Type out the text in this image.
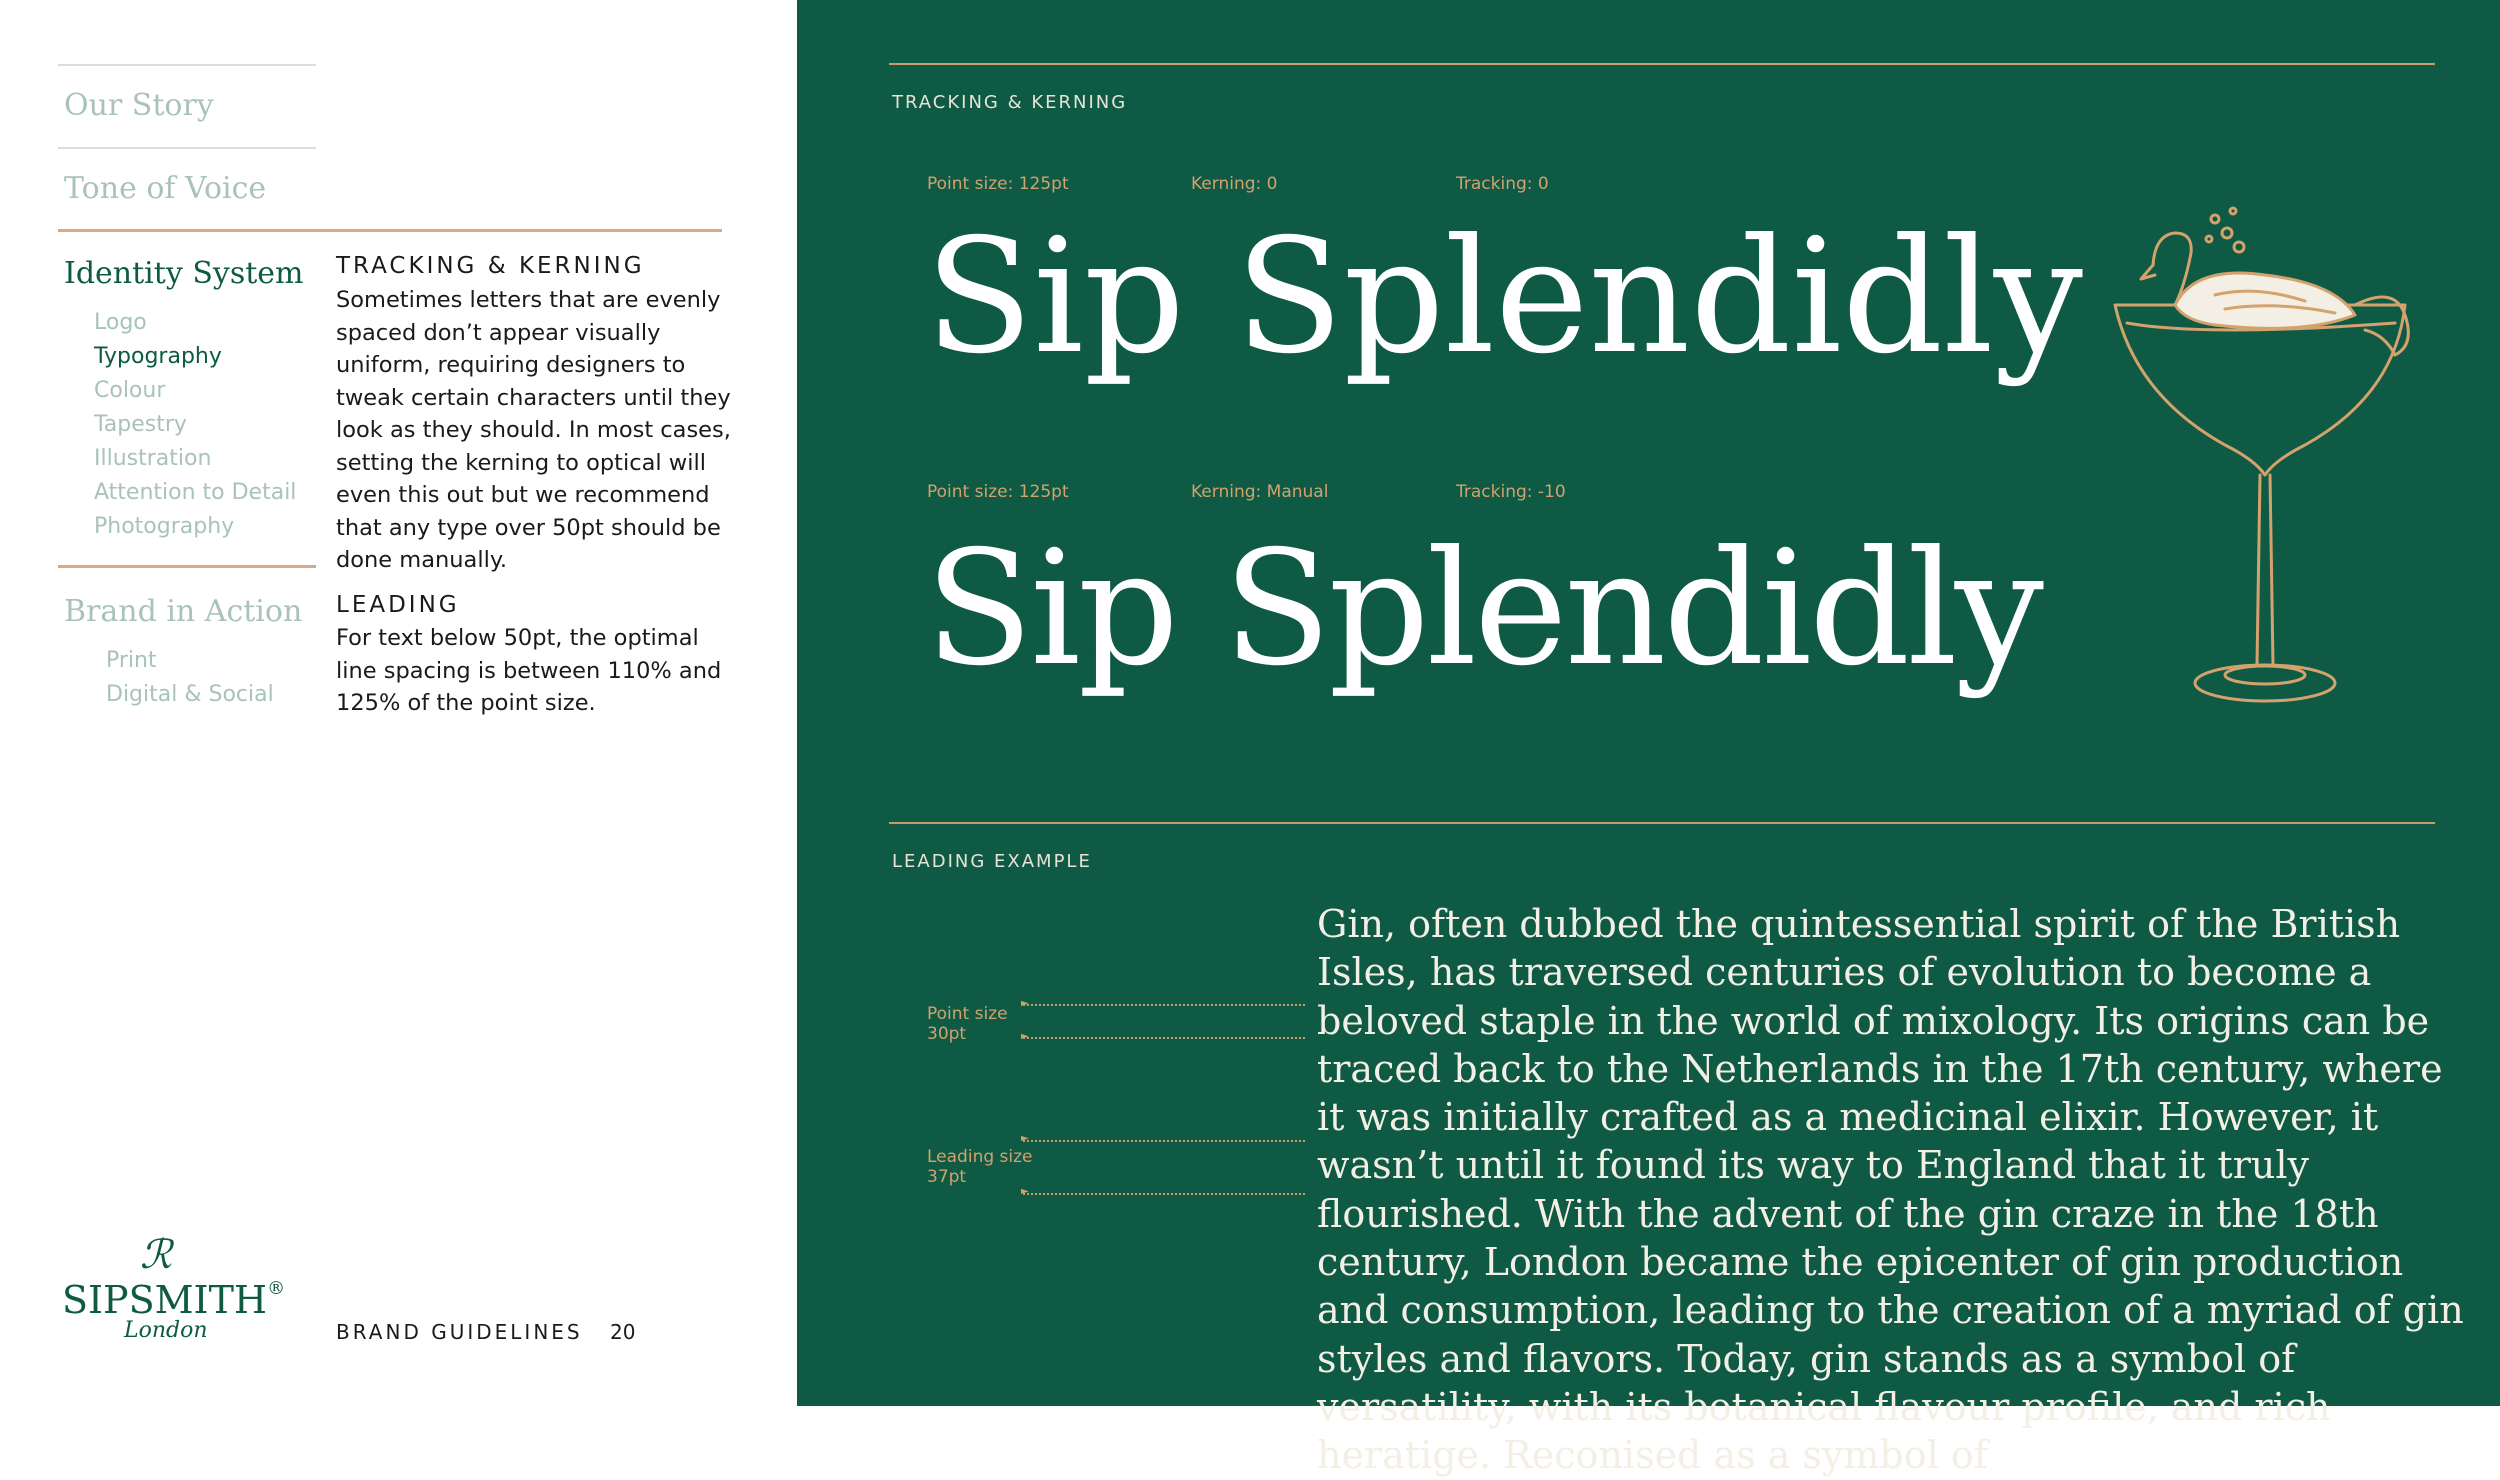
Our Story
Tone of Voice
Identity System
Logo
Typography
Colour
Tapestry
Illustration
Attention to Detail
Photography
Brand in Action
Print
Digital & Social
TRACKING & KERNING
Sometimes letters that are evenly spaced don’t appear visually uniform, requiring designers to tweak certain characters until they look as they should. In most cases, setting the kerning to optical will even this out but we recommend that any type over 50pt should be done manually.
LEADING
For text below 50pt, the optimal line spacing is between 110% and 125% of the point size.
ℛ
SIPSMITH®
London	BRAND GUIDELINES 20
TRACKING & KERNING
Point size: 125pt	Kerning: 0	Tracking: 0
Sip Splendidly
Point size: 125pt	Kerning: Manual	Tracking: -10
Sip Splendidly
LEADING EXAMPLE
Point size
30pt
►
►
Leading size
37pt
►
►
Gin, often dubbed the quintessential spirit of the British Isles, has traversed centuries of evolution to become a beloved staple in the world of mixology. Its origins can be traced back to the Netherlands in the 17th century, where it was initially crafted as a medicinal elixir. However, it wasn’t until it found its way to England that it truly flourished. With the advent of the gin craze in the 18th century, London became the epicenter of gin production and consumption, leading to the creation of a myriad of gin styles and flavors. Today, gin stands as a symbol of versatility, with its botanical flavour profile, and rich heratige. Reconised as a symbol of
